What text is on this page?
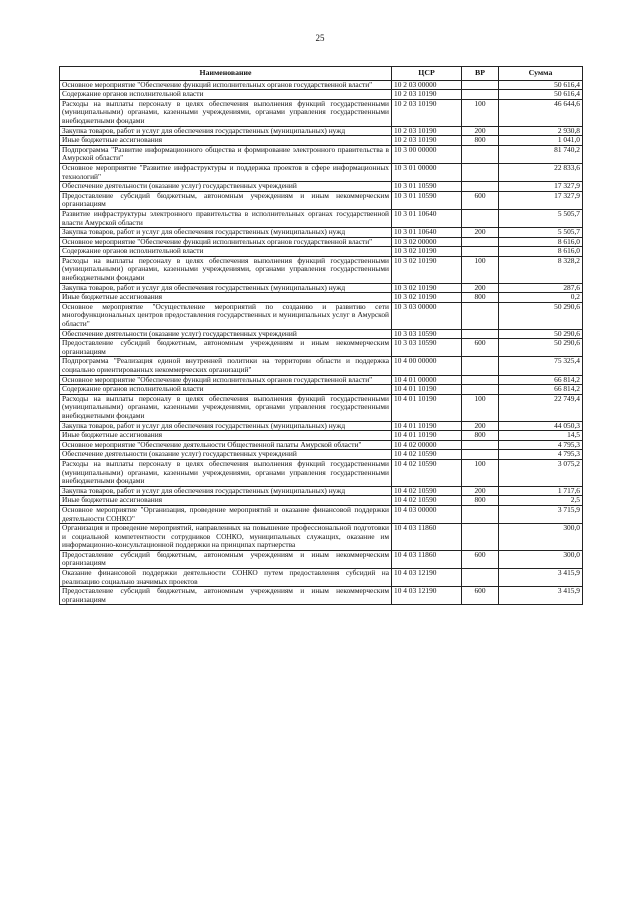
25
Наименование	ЦСР	ВР	Сумма
Основное мероприятие "Обеспечение функций исполнительных органов государственной власти"	10 2 03 00000		50 616,4
Содержание органов исполнительной власти	10 2 03 10190		50 616,4
Расходы на выплаты персоналу в целях обеспечения выполнения функций государственными (муниципальными) органами, казенными учреждениями, органами управления государственными внебюджетными фондами	10 2 03 10190	100	46 644,6
Закупка товаров, работ и услуг для обеспечения государственных (муниципальных) нужд	10 2 03 10190	200	2 930,8
Иные бюджетные ассигнования	10 2 03 10190	800	1 041,0
Подпрограмма "Развитие информационного общества и формирование электронного правительства в Амурской области"	10 3 00 00000		81 740,2
Основное мероприятие "Развитие инфраструктуры и поддержка проектов в сфере информационных технологий"	10 3 01 00000		22 833,6
Обеспечение деятельности (оказание услуг) государственных учреждений	10 3 01 10590		17 327,9
Предоставление субсидий бюджетным, автономным учреждениям и иным некоммерческим организациям	10 3 01 10590	600	17 327,9
Развитие инфраструктуры электронного правительства в исполнительных органах государственной власти Амурской области	10 3 01 10640		5 505,7
Закупка товаров, работ и услуг для обеспечения государственных (муниципальных) нужд	10 3 01 10640	200	5 505,7
Основное мероприятие "Обеспечение функций исполнительных органов государственной власти"	10 3 02 00000		8 616,0
Содержание органов исполнительной власти	10 3 02 10190		8 616,0
Расходы на выплаты персоналу в целях обеспечения выполнения функций государственными (муниципальными) органами, казенными учреждениями, органами управления государственными внебюджетными фондами	10 3 02 10190	100	8 328,2
Закупка товаров, работ и услуг для обеспечения государственных (муниципальных) нужд	10 3 02 10190	200	287,6
Иные бюджетные ассигнования	10 3 02 10190	800	0,2
Основное мероприятие "Осуществление мероприятий по созданию и развитию сети многофункциональных центров предоставления государственных и муниципальных услуг в Амурской области"	10 3 03 00000		50 290,6
Обеспечение деятельности (оказание услуг) государственных учреждений	10 3 03 10590		50 290,6
Предоставление субсидий бюджетным, автономным учреждениям и иным некоммерческим организациям	10 3 03 10590	600	50 290,6
Подпрограмма "Реализация единой внутренней политики на территории области и поддержка социально ориентированных некоммерческих организаций"	10 4 00 00000		75 325,4
Основное мероприятие "Обеспечение функций исполнительных органов государственной власти"	10 4 01 00000		66 814,2
Содержание органов исполнительной власти	10 4 01 10190		66 814,2
Расходы на выплаты персоналу в целях обеспечения выполнения функций государственными (муниципальными) органами, казенными учреждениями, органами управления государственными внебюджетными фондами	10 4 01 10190	100	22 749,4
Закупка товаров, работ и услуг для обеспечения государственных (муниципальных) нужд	10 4 01 10190	200	44 050,3
Иные бюджетные ассигнования	10 4 01 10190	800	14,5
Основное мероприятие "Обеспечение деятельности Общественной палаты Амурской области"	10 4 02 00000		4 795,3
Обеспечение деятельности (оказание услуг) государственных учреждений	10 4 02 10590		4 795,3
Расходы на выплаты персоналу в целях обеспечения выполнения функций государственными (муниципальными) органами, казенными учреждениями, органами управления государственными внебюджетными фондами	10 4 02 10590	100	3 075,2
Закупка товаров, работ и услуг для обеспечения государственных (муниципальных) нужд	10 4 02 10590	200	1 717,6
Иные бюджетные ассигнования	10 4 02 10590	800	2,5
Основное мероприятие "Организация, проведение мероприятий и оказание финансовой поддержки деятельности СОНКО"	10 4 03 00000		3 715,9
Организация и проведение мероприятий, направленных на повышение профессиональной подготовки и социальной компетентности сотрудников СОНКО, муниципальных служащих, оказание им информационно-консультационной поддержки на принципах партнерства	10 4 03 11860		300,0
Предоставление субсидий бюджетным, автономным учреждениям и иным некоммерческим организациям	10 4 03 11860	600	300,0
Оказание финансовой поддержки деятельности СОНКО путем предоставления субсидий на реализацию социально значимых проектов	10 4 03 12190		3 415,9
Предоставление субсидий бюджетным, автономным учреждениям и иным некоммерческим организациям	10 4 03 12190	600	3 415,9
